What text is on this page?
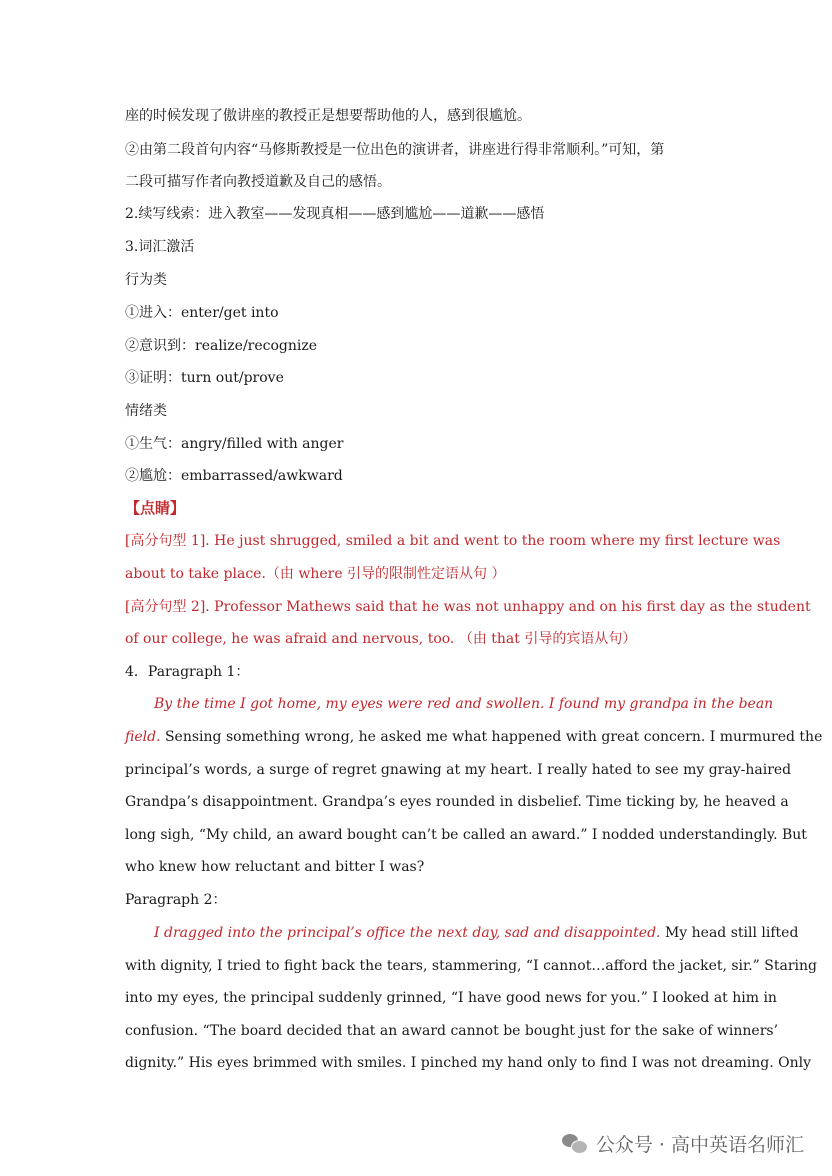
座的时候发现了傲讲座的教授正是想要帮助他的人，感到很尴尬。
②由第二段首句内容“马修斯教授是一位出色的演讲者，讲座进行得非常顺利。”可知，第
二段可描写作者向教授道歉及自己的感悟。
2.续写线索：进入教室——发现真相——感到尴尬——道歉——感悟
3.词汇激活
行为类
①进入：enter/get into
②意识到：realize/recognize
③证明：turn out/prove
情绪类
①生气：angry/filled with anger
②尴尬：embarrassed/awkward
【点睛】
[高分句型 1]. He just shrugged, smiled a bit and went to the room where my first lecture was
about to take place.（由 where 引导的限制性定语从句 ）
[高分句型 2]. Professor Mathews said that he was not unhappy and on his first day as the student
of our college, he was afraid and nervous, too. （由 that 引导的宾语从句）
4．Paragraph 1：
By the time I got home, my eyes were red and swollen. I found my grandpa in the bean
field. Sensing something wrong, he asked me what happened with great concern. I murmured the
principal’s words, a surge of regret gnawing at my heart. I really hated to see my gray-haired
Grandpa’s disappointment. Grandpa’s eyes rounded in disbelief. Time ticking by, he heaved a
long sigh, “My child, an award bought can’t be called an award.” I nodded understandingly. But
who knew how reluctant and bitter I was?
Paragraph 2：
I dragged into the principal’s office the next day, sad and disappointed. My head still lifted
with dignity, I tried to fight back the tears, stammering, “I cannot…afford the jacket, sir.” Staring
into my eyes, the principal suddenly grinned, “I have good news for you.” I looked at him in
confusion. “The board decided that an award cannot be bought just for the sake of winners’
dignity.” His eyes brimmed with smiles. I pinched my hand only to find I was not dreaming. Only
公众号 · 高中英语名师汇
